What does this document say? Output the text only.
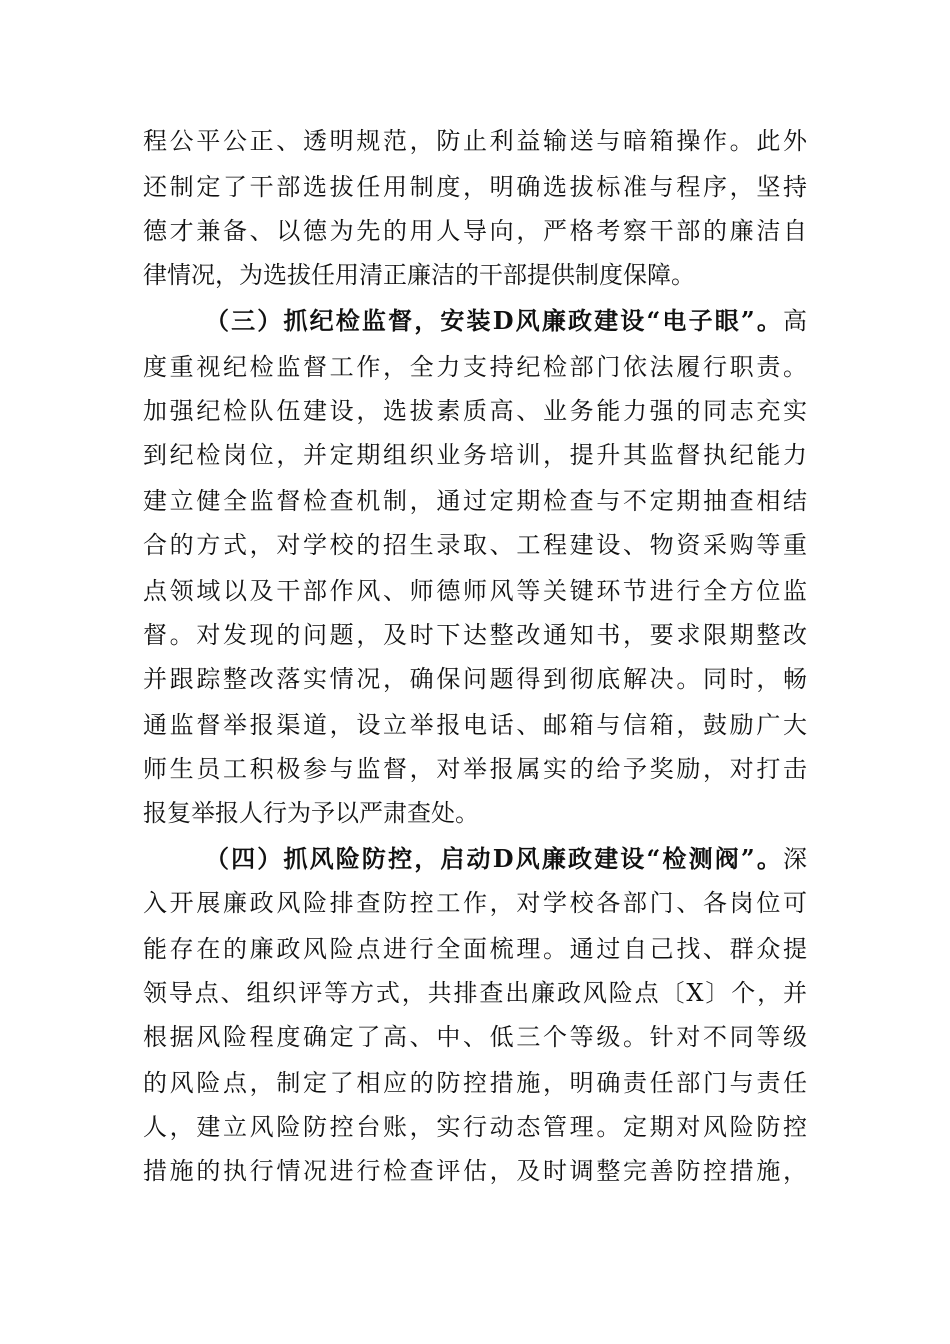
程公平公正、透明规范，防止利益输送与暗箱操作。此外
还制定了干部选拔任用制度，明确选拔标准与程序，坚持
德才兼备、以德为先的用人导向，严格考察干部的廉洁自
律情况，为选拔任用清正廉洁的干部提供制度保障。
（三）抓纪检监督，安装D风廉政建设“电子眼”。高
度重视纪检监督工作，全力支持纪检部门依法履行职责。
加强纪检队伍建设，选拔素质高、业务能力强的同志充实
到纪检岗位，并定期组织业务培训，提升其监督执纪能力
建立健全监督检查机制，通过定期检查与不定期抽查相结
合的方式，对学校的招生录取、工程建设、物资采购等重
点领域以及干部作风、师德师风等关键环节进行全方位监
督。对发现的问题，及时下达整改通知书，要求限期整改
并跟踪整改落实情况，确保问题得到彻底解决。同时，畅
通监督举报渠道，设立举报电话、邮箱与信箱，鼓励广大
师生员工积极参与监督，对举报属实的给予奖励，对打击
报复举报人行为予以严肃查处。
（四）抓风险防控，启动D风廉政建设“检测阀”。深
入开展廉政风险排查防控工作，对学校各部门、各岗位可
能存在的廉政风险点进行全面梳理。通过自己找、群众提
领导点、组织评等方式，共排查出廉政风险点〔X〕个，并
根据风险程度确定了高、中、低三个等级。针对不同等级
的风险点，制定了相应的防控措施，明确责任部门与责任
人，建立风险防控台账，实行动态管理。定期对风险防控
措施的执行情况进行检查评估，及时调整完善防控措施，
